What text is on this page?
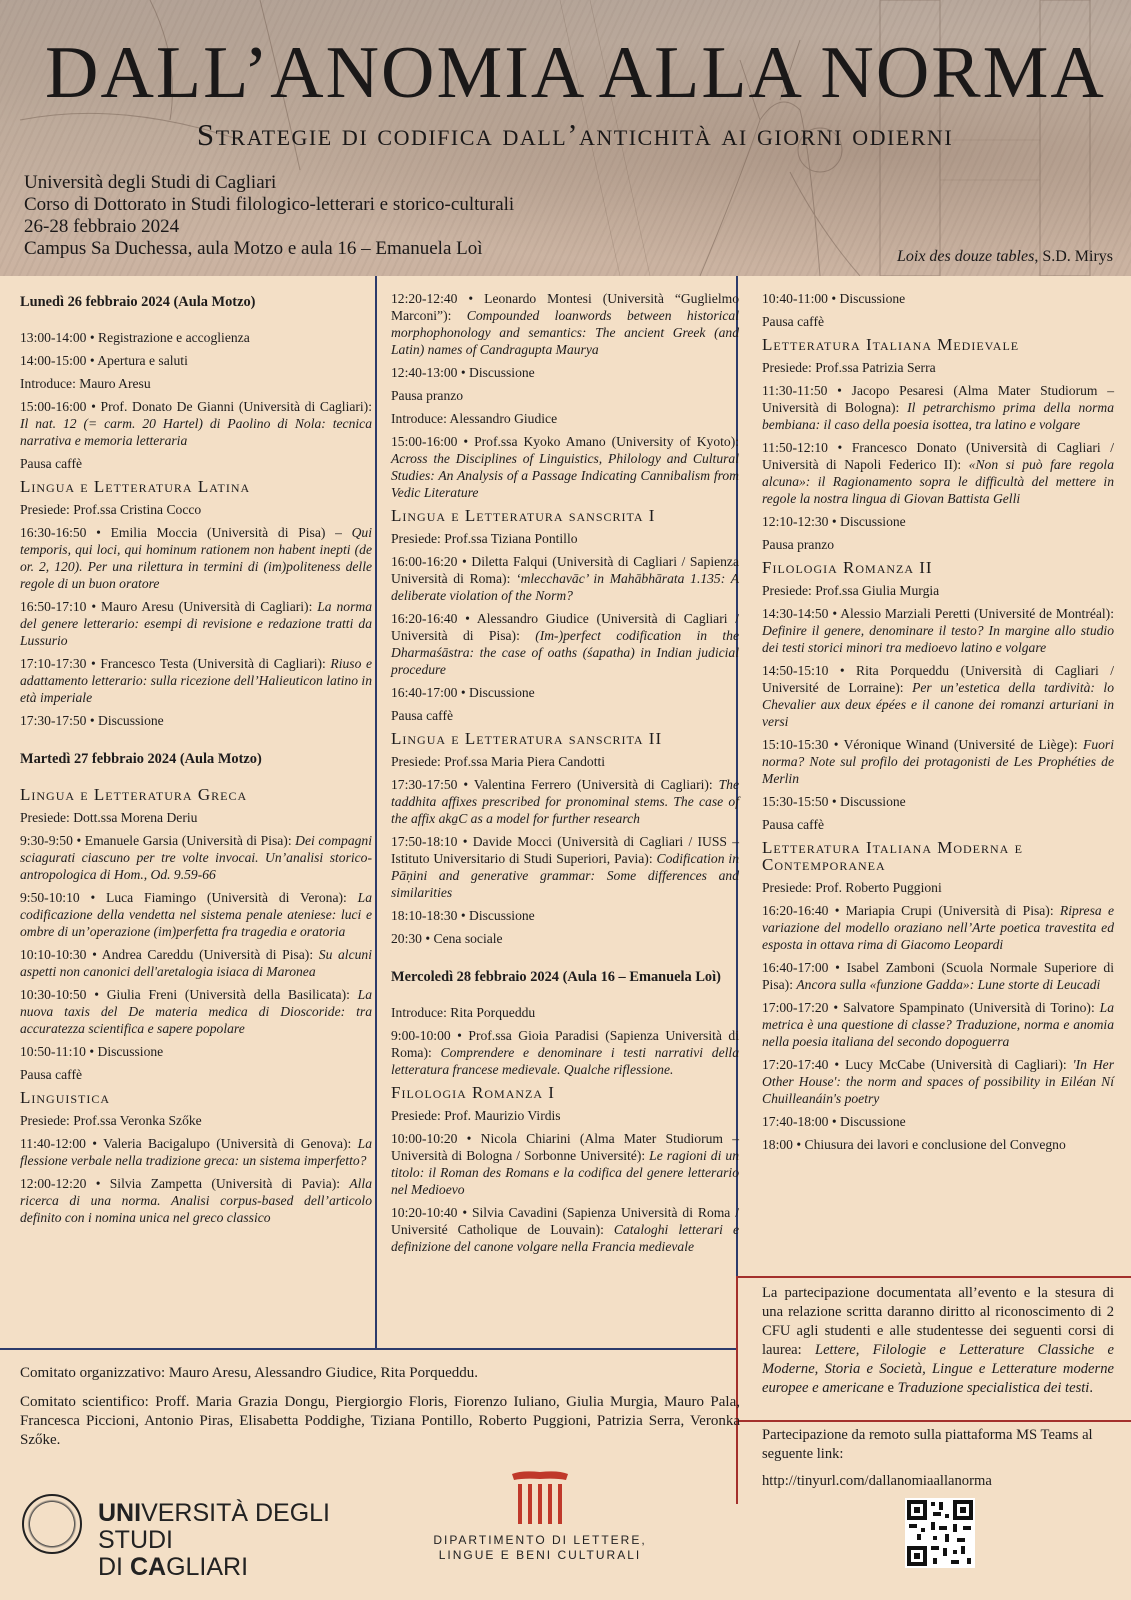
DALL’ANOMIA ALLA NORMA
Strategie di codifica dall’antichità ai giorni odierni
Università degli Studi di Cagliari
Corso di Dottorato in Studi filologico-letterari e storico-culturali
26-28 febbraio 2024
Campus Sa Duchessa, aula Motzo e aula 16 – Emanuela Loì	Loix des douze tables, S.D. Mirys
Lunedì 26 febbraio 2024 (Aula Motzo)
13:00-14:00 • Registrazione e accoglienza
14:00-15:00 • Apertura e saluti
Introduce: Mauro Aresu
15:00-16:00 • Prof. Donato De Gianni (Università di Cagliari): Il nat. 12 (= carm. 20 Hartel) di Paolino di Nola: tecnica narrativa e memoria letteraria
Pausa caffè
Lingua e Letteratura Latina
Presiede: Prof.ssa Cristina Cocco
16:30-16:50 • Emilia Moccia (Università di Pisa) – Qui temporis, qui loci, qui hominum rationem non habent inepti (de or. 2, 120). Per una rilettura in termini di (im)politeness delle regole di un buon oratore
16:50-17:10 • Mauro Aresu (Università di Cagliari): La norma del genere letterario: esempi di revisione e redazione tratti da Lussurio
17:10-17:30 • Francesco Testa (Università di Cagliari): Riuso e adattamento letterario: sulla ricezione dell’Halieuticon latino in età imperiale
17:30-17:50 • Discussione
Martedì 27 febbraio 2024 (Aula Motzo)
Lingua e Letteratura Greca
Presiede: Dott.ssa Morena Deriu
9:30-9:50 • Emanuele Garsia (Università di Pisa): Dei compagni sciagurati ciascuno per tre volte invocai. Un’analisi storico-antropologica di Hom., Od. 9.59-66
9:50-10:10 • Luca Fiamingo (Università di Verona): La codificazione della vendetta nel sistema penale ateniese: luci e ombre di un’operazione (im)perfetta fra tragedia e oratoria
10:10-10:30 • Andrea Careddu (Università di Pisa): Su alcuni aspetti non canonici dell'aretalogia isiaca di Maronea
10:30-10:50 • Giulia Freni (Università della Basilicata): La nuova taxis del De materia medica di Dioscoride: tra accuratezza scientifica e sapere popolare
10:50-11:10 • Discussione
Pausa caffè
Linguistica
Presiede: Prof.ssa Veronka Szőke
11:40-12:00 • Valeria Bacigalupo (Università di Genova): La flessione verbale nella tradizione greca: un sistema imperfetto?
12:00-12:20 • Silvia Zampetta (Università di Pavia): Alla ricerca di una norma. Analisi corpus-based dell’articolo definito con i nomina unica nel greco classico
12:20-12:40 • Leonardo Montesi (Università “Guglielmo Marconi”): Compounded loanwords between historical morphophonology and semantics: The ancient Greek (and Latin) names of Candragupta Maurya
12:40-13:00 • Discussione
Pausa pranzo
Introduce: Alessandro Giudice
15:00-16:00 • Prof.ssa Kyoko Amano (University of Kyoto): Across the Disciplines of Linguistics, Philology and Cultural Studies: An Analysis of a Passage Indicating Cannibalism from Vedic Literature
Lingua e Letteratura sanscrita I
Presiede: Prof.ssa Tiziana Pontillo
16:00-16:20 • Diletta Falqui (Università di Cagliari / Sapienza Università di Roma): ‘mlecchavāc’ in Mahābhārata 1.135: A deliberate violation of the Norm?
16:20-16:40 • Alessandro Giudice (Università di Cagliari / Università di Pisa): (Im-)perfect codification in the Dharmaśāstra: the case of oaths (śapatha) in Indian judicial procedure
16:40-17:00 • Discussione
Pausa caffè
Lingua e Letteratura sanscrita II
Presiede: Prof.ssa Maria Piera Candotti
17:30-17:50 • Valentina Ferrero (Università di Cagliari): The taddhita affixes prescribed for pronominal stems. The case of the affix aka̱C as a model for further research
17:50-18:10 • Davide Mocci (Università di Cagliari / IUSS – Istituto Universitario di Studi Superiori, Pavia): Codification in Pāṇini and generative grammar: Some differences and similarities
18:10-18:30 • Discussione
20:30 • Cena sociale
Mercoledì 28 febbraio 2024 (Aula 16 – Emanuela Loì)
Introduce: Rita Porqueddu
9:00-10:00 • Prof.ssa Gioia Paradisi (Sapienza Università di Roma): Comprendere e denominare i testi narrativi della letteratura francese medievale. Qualche riflessione.
Filologia Romanza I
Presiede: Prof. Maurizio Virdis
10:00-10:20 • Nicola Chiarini (Alma Mater Studiorum – Università di Bologna / Sorbonne Université): Le ragioni di un titolo: il Roman des Romans e la codifica del genere letterario nel Medioevo
10:20-10:40 • Silvia Cavadini (Sapienza Università di Roma / Université Catholique de Louvain): Cataloghi letterari e definizione del canone volgare nella Francia medievale
10:40-11:00 • Discussione
Pausa caffè
Letteratura Italiana Medievale
Presiede: Prof.ssa Patrizia Serra
11:30-11:50 • Jacopo Pesaresi (Alma Mater Studiorum – Università di Bologna): Il petrarchismo prima della norma bembiana: il caso della poesia isottea, tra latino e volgare
11:50-12:10 • Francesco Donato (Università di Cagliari / Università di Napoli Federico II): «Non si può fare regola alcuna»: il Ragionamento sopra le difficultà del mettere in regole la nostra lingua di Giovan Battista Gelli
12:10-12:30 • Discussione
Pausa pranzo
Filologia Romanza II
Presiede: Prof.ssa Giulia Murgia
14:30-14:50 • Alessio Marziali Peretti (Université de Montréal): Definire il genere, denominare il testo? In margine allo studio dei testi storici minori tra medioevo latino e volgare
14:50-15:10 • Rita Porqueddu (Università di Cagliari / Université de Lorraine): Per un’estetica della tardività: lo Chevalier aux deux épées e il canone dei romanzi arturiani in versi
15:10-15:30 • Véronique Winand (Université de Liège): Fuori norma? Note sul profilo dei protagonisti de Les Prophéties de Merlin
15:30-15:50 • Discussione
Pausa caffè
Letteratura Italiana Moderna e Contemporanea
Presiede: Prof. Roberto Puggioni
16:20-16:40 • Mariapia Crupi (Università di Pisa): Ripresa e variazione del modello oraziano nell’Arte poetica travestita ed esposta in ottava rima di Giacomo Leopardi
16:40-17:00 • Isabel Zamboni (Scuola Normale Superiore di Pisa): Ancora sulla «funzione Gadda»: Lune storte di Leucadi
17:00-17:20 • Salvatore Spampinato (Università di Torino): La metrica è una questione di classe? Traduzione, norma e anomia nella poesia italiana del secondo dopoguerra
17:20-17:40 • Lucy McCabe (Università di Cagliari): 'In Her Other House': the norm and spaces of possibility in Eiléan Ní Chuilleanáin's poetry
17:40-18:00 • Discussione
18:00 • Chiusura dei lavori e conclusione del Convegno
La partecipazione documentata all’evento e la stesura di una relazione scritta daranno diritto al riconoscimento di 2 CFU agli studenti e alle studentesse dei seguenti corsi di laurea: Lettere, Filologie e Letterature Classiche e Moderne, Storia e Società, Lingue e Letterature moderne europee e americane e Traduzione specialistica dei testi.

Partecipazione da remoto sulla piattaforma MS Teams al seguente link:

http://tinyurl.com/dallanomiaallanorma

Comitato organizzativo: Mauro Aresu, Alessandro Giudice, Rita Porqueddu.

Comitato scientifico: Proff. Maria Grazia Dongu, Piergiorgio Floris, Fiorenzo Iuliano, Giulia Murgia, Mauro Pala, Francesca Piccioni, Antonio Piras, Elisabetta Poddighe, Tiziana Pontillo, Roberto Puggioni, Patrizia Serra, Veronka Szőke.

UNIVERSITÀ DEGLI STUDI
DI CAGLIARI
DIPARTIMENTO DI LETTERE,
LINGUE E BENI CULTURALI
